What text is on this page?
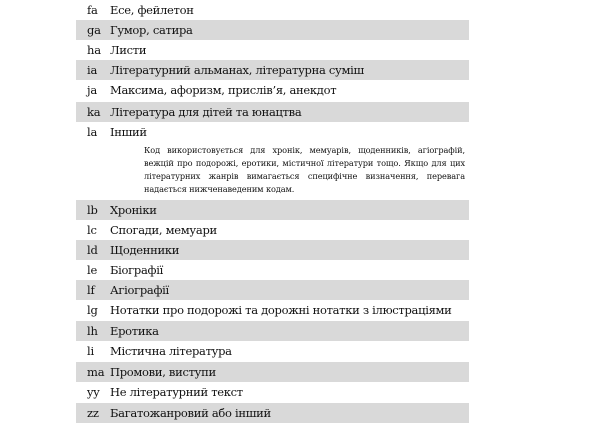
fa Есе, фейлетон
ga Гумор, сатира
ha Листи
ia Літературний альманах, літературна суміш
ja Максима, афоризм, прислів’я, анекдот
ka Література для дітей та юнацтва
la Інший
Код використовується для хронік, мемуарів, щоденників, агіографій, вежцій про подорожі, еротики, містичної літератури тощо. Якщо для цих літературних жанрів вимагається специфічне визначення, перевага надається нижченаведеним кодам.
lb Хроніки
lc Спогади, мемуари
ld Щоденники
le Біографії
lf Агіографії
lg Нотатки про подорожі та дорожні нотатки з ілюстраціями
lh Еротика
li Містична література
ma Промови, виступи
yy Не літературний текст
zz Багатожанровий або інший
